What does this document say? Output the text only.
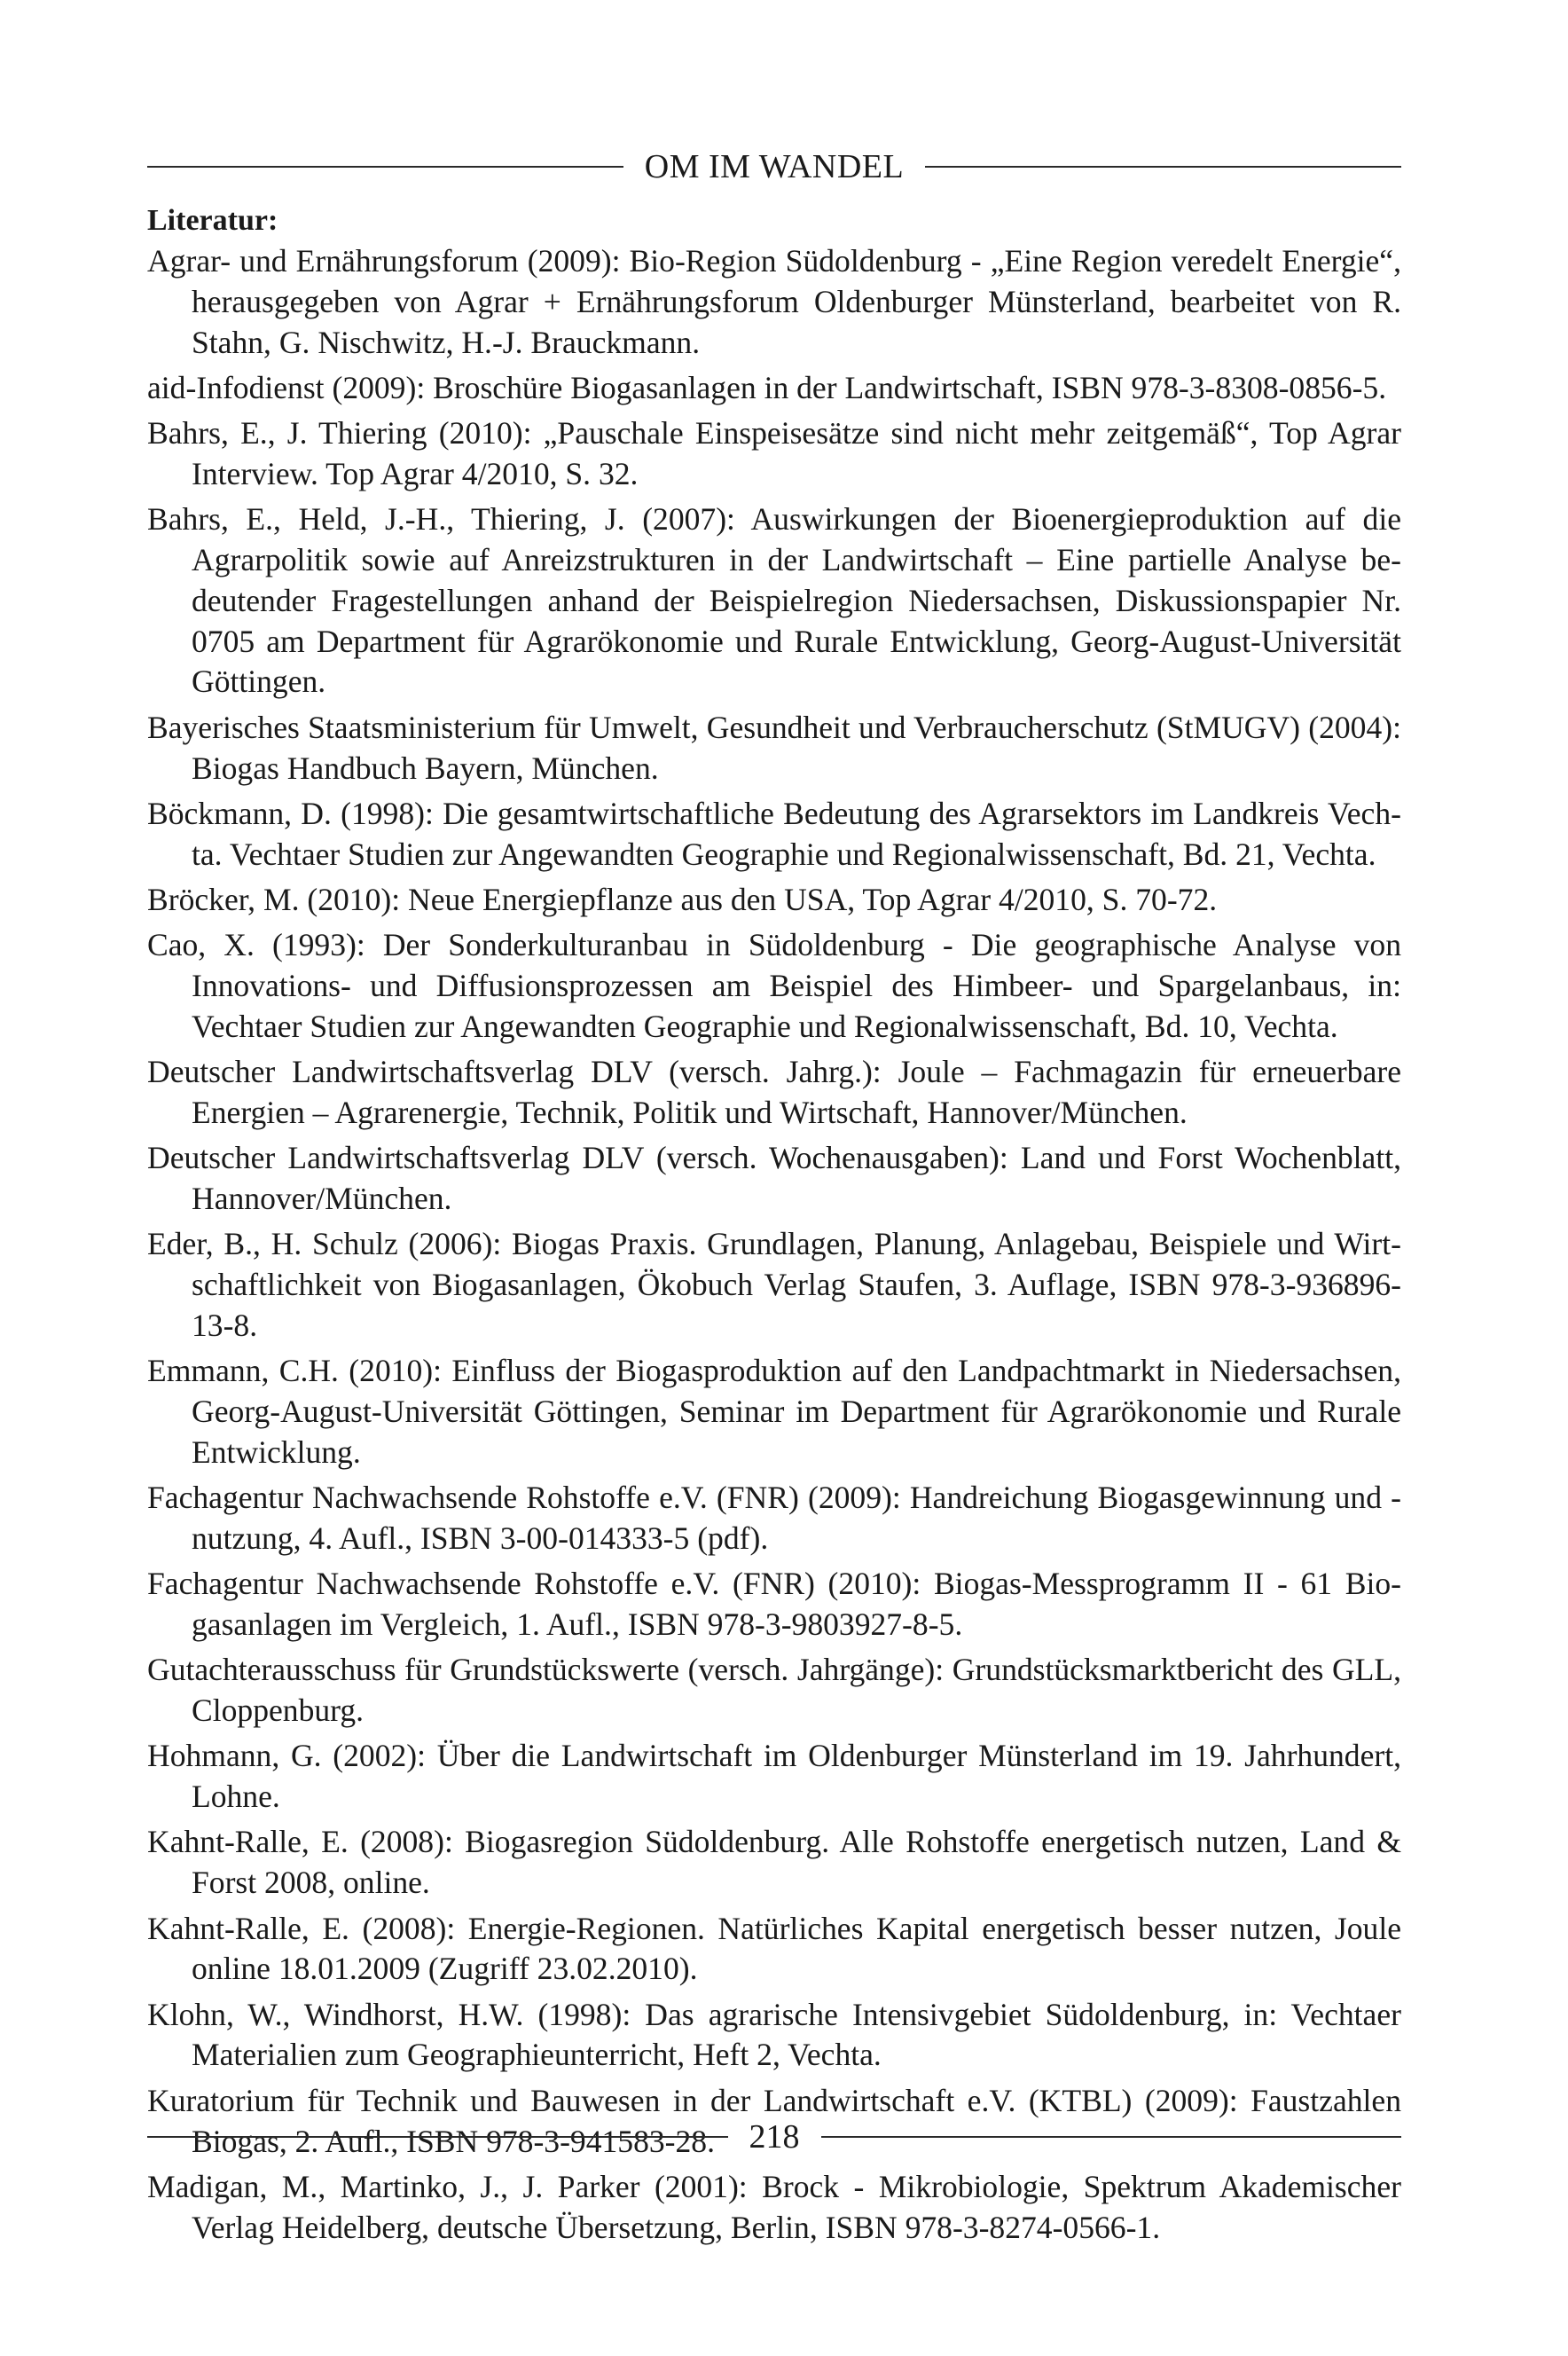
OM IM WANDEL
Literatur:
Agrar- und Ernährungsforum (2009): Bio-Region Südoldenburg - „Eine Region veredelt Energie“, herausgegeben von Agrar + Ernährungsforum Oldenburger Münsterland, bearbeitet von R. Stahn, G. Nischwitz, H.-J. Brauckmann.
aid-Infodienst (2009): Broschüre Biogasanlagen in der Landwirtschaft, ISBN 978-3-8308-0856-5.
Bahrs, E., J. Thiering (2010): „Pauschale Einspeisesätze sind nicht mehr zeitgemäß“, Top Agrar Interview. Top Agrar 4/2010, S. 32.
Bahrs, E., Held, J.-H., Thiering, J. (2007): Auswirkungen der Bioenergieproduktion auf die Agrarpolitik sowie auf Anreizstrukturen in der Landwirtschaft – Eine partielle Analyse bedeutender Fragestellungen anhand der Beispielregion Niedersachsen, Diskussionspapier Nr. 0705 am Department für Agrarökonomie und Rurale Entwicklung, Georg-August-Universität Göttingen.
Bayerisches Staatsministerium für Umwelt, Gesundheit und Verbraucherschutz (StMUGV) (2004): Biogas Handbuch Bayern, München.
Böckmann, D. (1998): Die gesamtwirtschaftliche Bedeutung des Agrarsektors im Landkreis Vechta. Vechtaer Studien zur Angewandten Geographie und Regionalwissenschaft, Bd. 21, Vechta.
Bröcker, M. (2010): Neue Energiepflanze aus den USA, Top Agrar 4/2010, S. 70-72.
Cao, X. (1993): Der Sonderkulturanbau in Südoldenburg - Die geographische Analyse von Innovations- und Diffusionsprozessen am Beispiel des Himbeer- und Spargelanbaus, in: Vechtaer Studien zur Angewandten Geographie und Regionalwissenschaft, Bd. 10, Vechta.
Deutscher Landwirtschaftsverlag DLV (versch. Jahrg.): Joule – Fachmagazin für erneuerbare Energien – Agrarenergie, Technik, Politik und Wirtschaft, Hannover/München.
Deutscher Landwirtschaftsverlag DLV (versch. Wochenausgaben): Land und Forst Wochenblatt, Hannover/München.
Eder, B., H. Schulz (2006): Biogas Praxis. Grundlagen, Planung, Anlagebau, Beispiele und Wirtschaftlichkeit von Biogasanlagen, Ökobuch Verlag Staufen, 3. Auflage, ISBN 978-3-936896-13-8.
Emmann, C.H. (2010): Einfluss der Biogasproduktion auf den Landpachtmarkt in Niedersachsen, Georg-August-Universität Göttingen, Seminar im Department für Agrarökonomie und Rurale Entwicklung.
Fachagentur Nachwachsende Rohstoffe e.V. (FNR) (2009): Handreichung Biogasgewinnung und -nutzung, 4. Aufl., ISBN 3-00-014333-5 (pdf).
Fachagentur Nachwachsende Rohstoffe e.V. (FNR) (2010): Biogas-Messprogramm II - 61 Biogasanlagen im Vergleich, 1. Aufl., ISBN 978-3-9803927-8-5.
Gutachterausschuss für Grundstückswerte (versch. Jahrgänge): Grundstücksmarktbericht des GLL, Cloppenburg.
Hohmann, G. (2002): Über die Landwirtschaft im Oldenburger Münsterland im 19. Jahrhundert, Lohne.
Kahnt-Ralle, E. (2008): Biogasregion Südoldenburg. Alle Rohstoffe energetisch nutzen, Land & Forst 2008, online.
Kahnt-Ralle, E. (2008): Energie-Regionen. Natürliches Kapital energetisch besser nutzen, Joule online 18.01.2009 (Zugriff 23.02.2010).
Klohn, W., Windhorst, H.W. (1998): Das agrarische Intensivgebiet Südoldenburg, in: Vechtaer Materialien zum Geographieunterricht, Heft 2, Vechta.
Kuratorium für Technik und Bauwesen in der Landwirtschaft e.V. (KTBL) (2009): Faustzahlen Biogas, 2. Aufl., ISBN 978-3-941583-28.
Madigan, M., Martinko, J., J. Parker (2001): Brock - Mikrobiologie, Spektrum Akademischer Verlag Heidelberg, deutsche Übersetzung, Berlin, ISBN 978-3-8274-0566-1.
218
